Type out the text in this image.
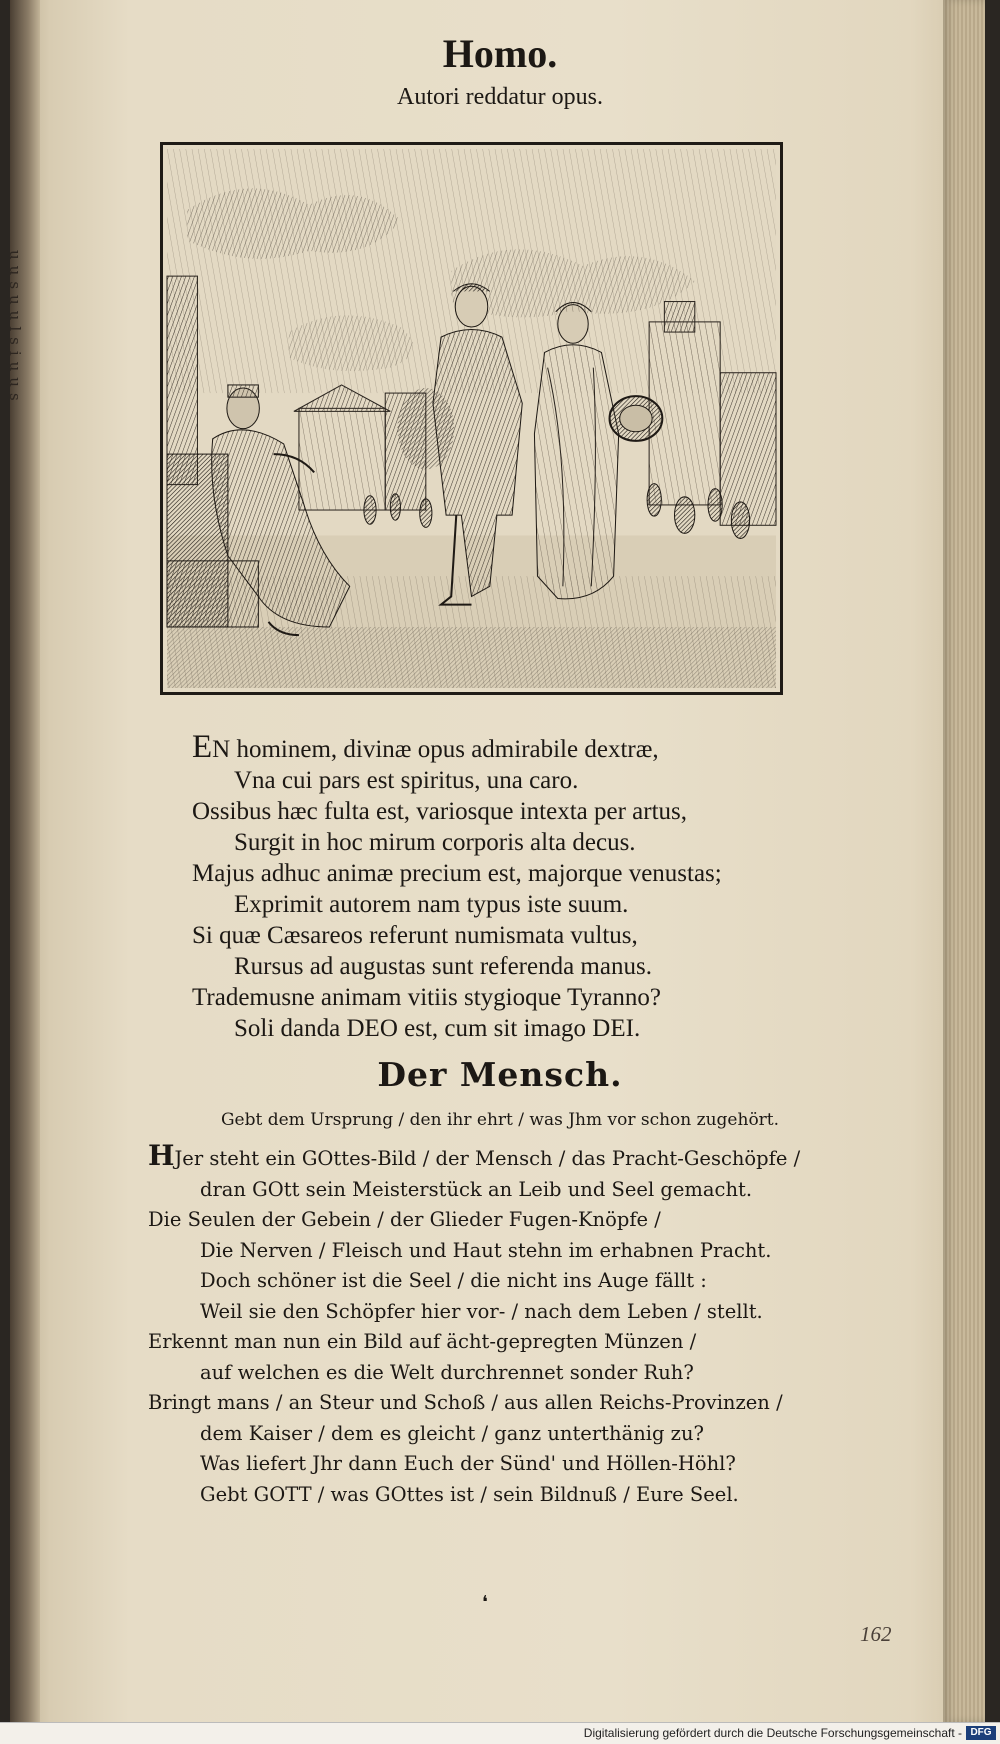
uusuulsiuus
Homo.
Autori reddatur opus.
EN hominem, divinæ opus admirabile dextræ,
Vna cui pars est spiritus, una caro.
Ossibus hæc fulta est, variosque intexta per artus,
Surgit in hoc mirum corporis alta decus.
Majus adhuc animæ precium est, majorque venustas;
Exprimit autorem nam typus iste suum.
Si quæ Cæsareos referunt numismata vultus,
Rursus ad augustas sunt referenda manus.
Trademusne animam vitiis stygioque Tyranno?
Soli danda DEO est, cum sit imago DEI.
Der Mensch.
Gebt dem Ursprung / den ihr ehrt / was Jhm vor schon zugehört.
HJer steht ein GOttes-Bild / der Mensch / das Pracht-Geschöpfe /
dran GOtt sein Meisterstück an Leib und Seel gemacht.
Die Seulen der Gebein / der Glieder Fugen-Knöpfe /
Die Nerven / Fleisch und Haut stehn im erhabnen Pracht.
Doch schöner ist die Seel / die nicht ins Auge fällt :
Weil sie den Schöpfer hier vor- / nach dem Leben / stellt.
Erkennt man nun ein Bild auf ächt-gepregten Münzen /
auf welchen es die Welt durchrennet sonder Ruh?
Bringt mans / an Steur und Schoß / aus allen Reichs-Provinzen /
dem Kaiser / dem es gleicht / ganz unterthänig zu?
Was liefert Jhr dann Euch der Sünd' und Höllen-Höhl?
Gebt GOTT / was GOttes ist / sein Bildnuß / Eure Seel.
❛
162
Digitalisierung gefördert durch die Deutsche Forschungsgemeinschaft - DFG
